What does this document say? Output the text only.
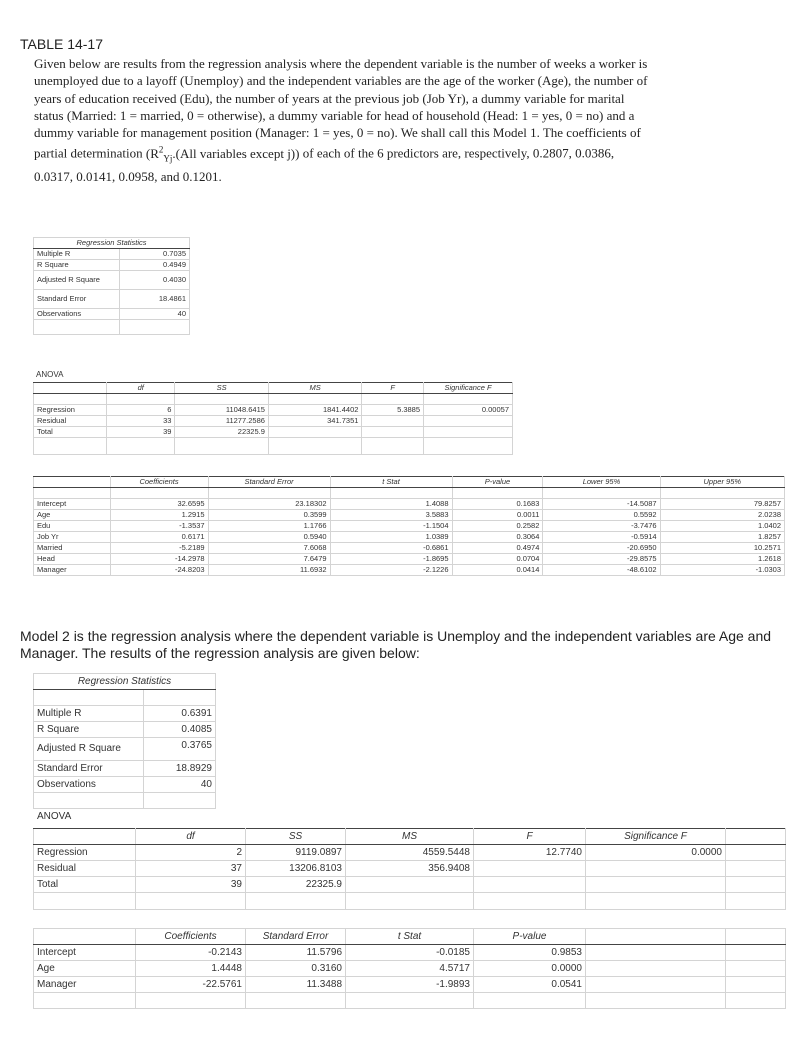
TABLE 14-17
Given below are results from the regression analysis where the dependent variable is the number of weeks a worker is unemployed due to a layoff (Unemploy) and the independent variables are the age of the worker (Age), the number of years of education received (Edu), the number of years at the previous job (Job Yr), a dummy variable for marital status (Married: 1 = married, 0 = otherwise), a dummy variable for head of household (Head: 1 = yes, 0 = no) and a dummy variable for management position (Manager: 1 = yes, 0 = no). We shall call this Model 1. The coefficients of partial determination ($R^2_{Yj}.(All$ variables except j)) of each of the 6 predictors are, respectively, 0.2807, 0.0386, 0.0317, 0.0141, 0.0958, and 0.1201.
Regression Statistics	
Multiple R	0.7035
R Square	0.4949
Adjusted R Square	0.4030
Standard Error	18.4861
Observations	40

ANOVA
	df	SS	MS	F	Significance F

Regression	6	11048.6415	1841.4402	5.3885	0.00057
Residual	33	11277.2586	341.7351		
Total	39	22325.9			

	Coefficients	Standard Error	t Stat	P-value	Lower 95%	Upper 95%

Intercept	32.6595	23.18302	1.4088	0.1683	-14.5087	79.8257
Age	1.2915	0.3599	3.5883	0.0011	0.5592	2.0238
Edu	-1.3537	1.1766	-1.1504	0.2582	-3.7476	1.0402
Job Yr	0.6171	0.5940	1.0389	0.3064	-0.5914	1.8257
Married	-5.2189	7.6068	-0.6861	0.4974	-20.6950	10.2571
Head	-14.2978	7.6479	-1.8695	0.0704	-29.8575	1.2618
Manager	-24.8203	11.6932	-2.1226	0.0414	-48.6102	-1.0303
Model 2 is the regression analysis where the dependent variable is Unemploy and the independent variables are Age and Manager. The results of the regression analysis are given below:
Regression Statistics	

Multiple R	0.6391
R Square	0.4085
Adjusted R Square	0.3765
Standard Error	18.8929
Observations	40

ANOVA
	df	SS	MS	F	Significance F	
Regression	2	9119.0897	4559.5448	12.7740	0.0000	
Residual	37	13206.8103	356.9408			
Total	39	22325.9				

	Coefficients	Standard Error	t Stat	P-value		
Intercept	-0.2143	11.5796	-0.0185	0.9853		
Age	1.4448	0.3160	4.5717	0.0000		
Manager	-22.5761	11.3488	-1.9893	0.0541		
